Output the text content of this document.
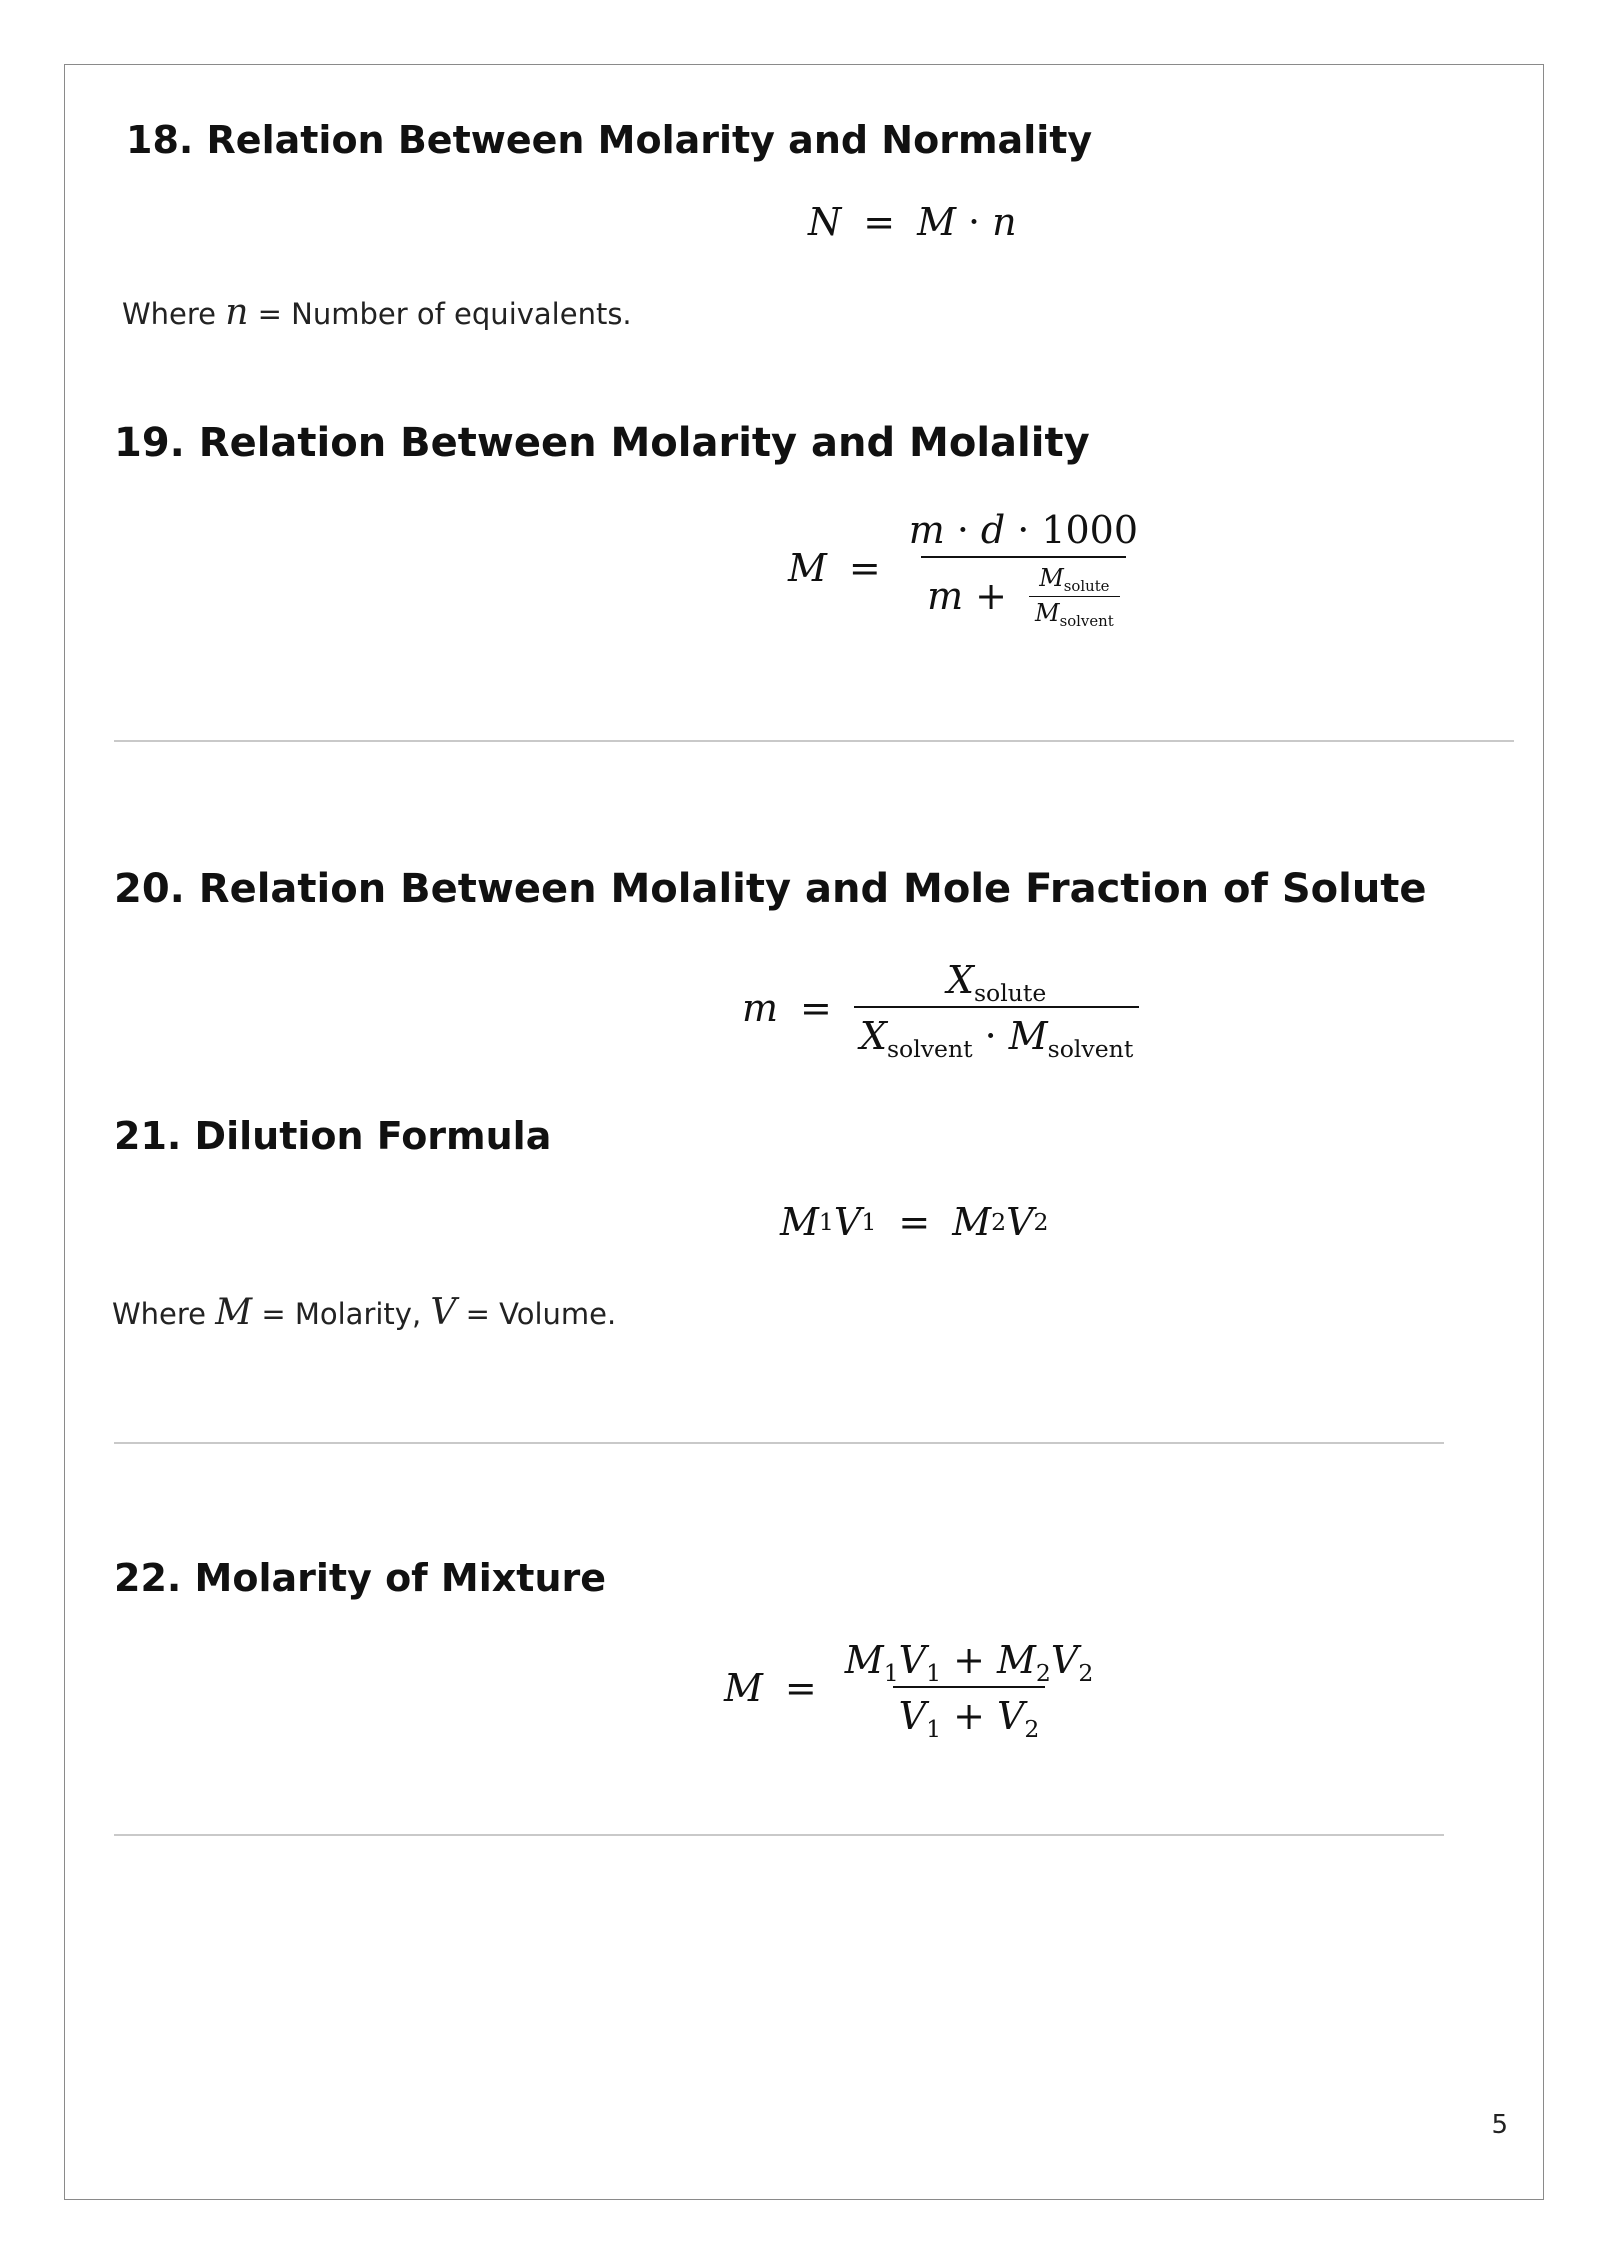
18. Relation Between Molarity and Normality
N = M · n
Where n = Number of equivalents.
19. Relation Between Molarity and Molality
$M = \frac{m \cdot d \cdot 1000}{m + \frac{M_{solute}}{M_{solvent}}}$
20. Relation Between Molality and Mole Fraction of Solute
$m = \frac{X_{solute}}{X_{solvent} \cdot M_{solvent}}$
21. Dilution Formula
M 1 V 1 = M 2 V 2
Where M = Molarity, V = Volume.
22. Molarity of Mixture
$M = \frac{M_1V_1 + M_2V_2}{V_1 + V_2}$
5
